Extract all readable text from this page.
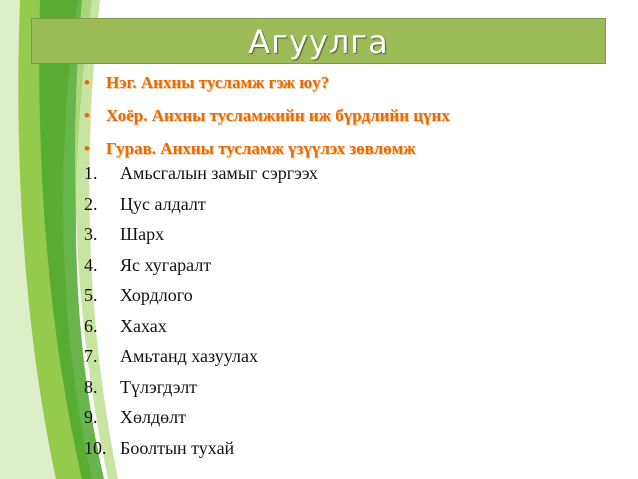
Агуулга
• Нэг. Анхны тусламж гэж юу?
• Хоёр. Анхны тусламжийн иж бүрдлийн цүнх
• Гурав. Анхны тусламж үзүүлэх зөвлөмж
1. Амьсгалын замыг сэргээх
2. Цус алдалт
3. Шарх
4. Яс хугаралт
5. Хордлого
6. Хахах
7. Амьтанд хазуулах
8. Түлэгдэлт
9. Хөлдөлт
10. Боолтын тухай
